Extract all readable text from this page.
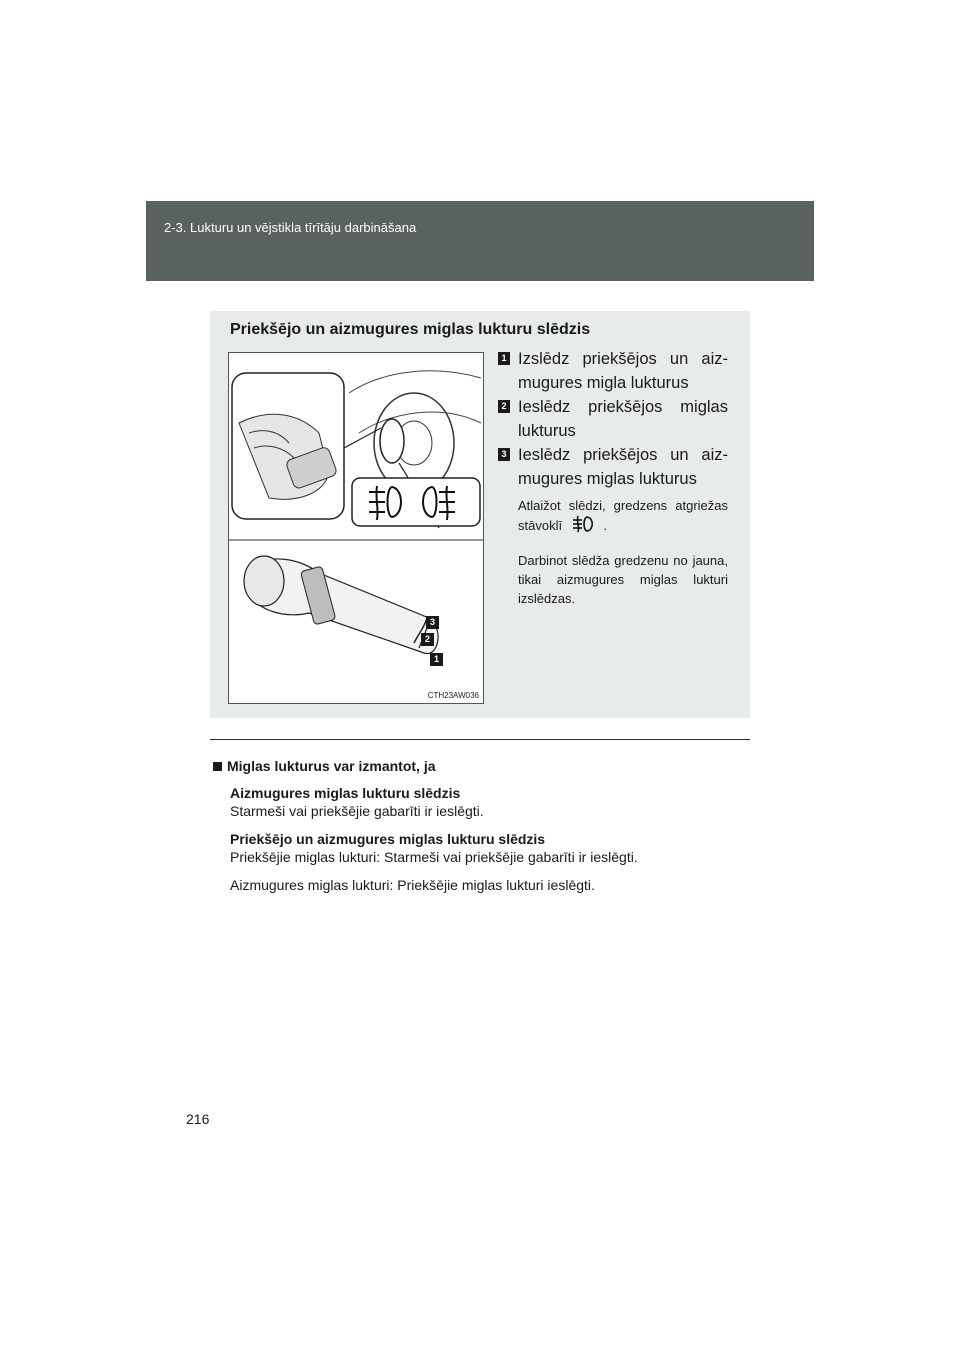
2-3. Lukturu un vējstikla tīrītāju darbināšana
Priekšējo un aizmugures miglas lukturu slēdzis
3
2
1
CTH23AW036
1 Izslēdz priekšējos un aiz-mugures migla lukturus
2 Ieslēdz priekšējos miglas lukturus
3 Ieslēdz priekšējos un aiz-mugures miglas lukturus
Atlaižot slēdzi, gredzens atgriežas stāvoklī	.
Darbinot slēdža gredzenu no jauna, tikai aizmugures miglas lukturi izslēdzas.
Miglas lukturus var izmantot, ja

Aizmugures miglas lukturu slēdzis

Starmeši vai priekšējie gabarīti ir ieslēgti.

Priekšējo un aizmugures miglas lukturu slēdzis

Priekšējie miglas lukturi: Starmeši vai priekšējie gabarīti ir ieslēgti.

Aizmugures miglas lukturi: Priekšējie miglas lukturi ieslēgti.

216
